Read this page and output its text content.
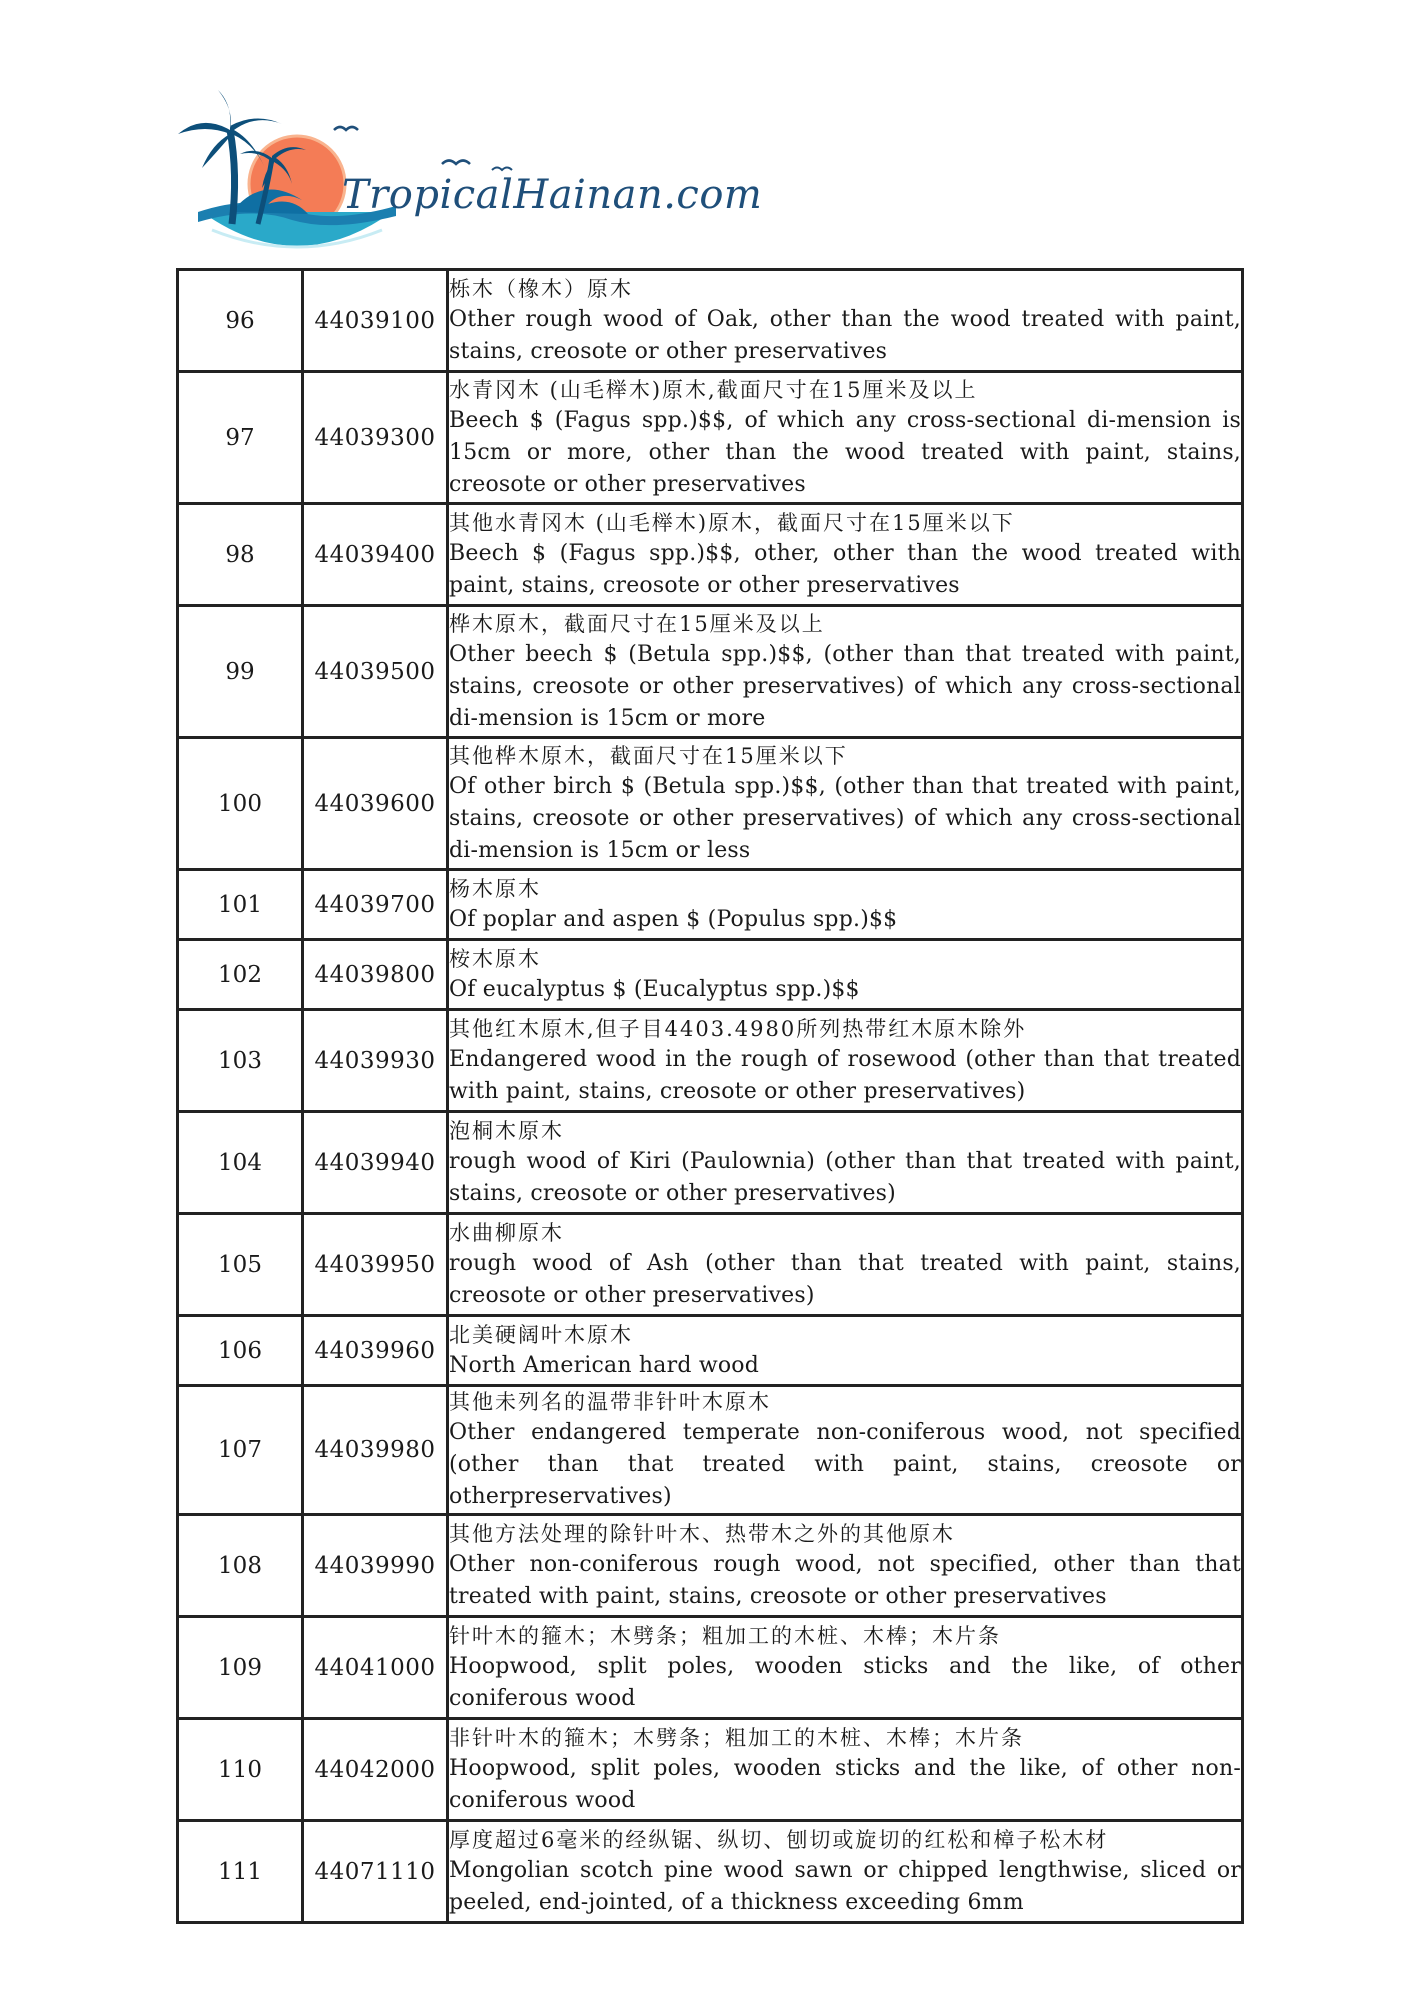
TropicalHainan.com
96	44039100	栎木（橡木）原木
Other rough wood of Oak, other than the wood treated with paint, stains, creosote or other preservatives

97	44039300	水青冈木 (山毛榉木)原木,截面尺寸在15厘米及以上
Beech $ (Fagus spp.)$$, of which any cross-sectional di-mension is 15cm or more, other than the wood treated with paint, stains, creosote or other preservatives

98	44039400	其他水青冈木 (山毛榉木)原木，截面尺寸在15厘米以下
Beech $ (Fagus spp.)$$, other, other than the wood treated with paint, stains, creosote or other preservatives

99	44039500	桦木原木，截面尺寸在15厘米及以上
Other beech $ (Betula spp.)$$, (other than that treated with paint, stains, creosote or other preservatives) of which any cross-sectional di-mension is 15cm or more

100	44039600	其他桦木原木，截面尺寸在15厘米以下
Of other birch $ (Betula spp.)$$, (other than that treated with paint, stains, creosote or other preservatives) of which any cross-sectional di-mension is 15cm or less

101	44039700	杨木原木
Of poplar and aspen $ (Populus spp.)$$

102	44039800	桉木原木
Of eucalyptus $ (Eucalyptus spp.)$$

103	44039930	其他红木原木,但子目4403.4980所列热带红木原木除外
Endangered wood in the rough of rosewood (other than that treated with paint, stains, creosote or other preservatives)

104	44039940	泡桐木原木
rough wood of Kiri (Paulownia) (other than that treated with paint, stains, creosote or other preservatives)

105	44039950	水曲柳原木
rough wood of Ash (other than that treated with paint, stains, creosote or other preservatives)

106	44039960	北美硬阔叶木原木
North American hard wood

107	44039980	其他未列名的温带非针叶木原木
Other endangered temperate non-coniferous wood, not specified (other than that treated with paint, stains, creosote or otherpreservatives)

108	44039990	其他方法处理的除针叶木、热带木之外的其他原木
Other non-coniferous rough wood, not specified, other than that treated with paint, stains, creosote or other preservatives

109	44041000	针叶木的箍木；木劈条；粗加工的木桩、木棒；木片条
Hoopwood, split poles, wooden sticks and the like, of other coniferous wood

110	44042000	非针叶木的箍木；木劈条；粗加工的木桩、木棒；木片条
Hoopwood, split poles, wooden sticks and the like, of other non-coniferous wood

111	44071110	厚度超过6毫米的经纵锯、纵切、刨切或旋切的红松和樟子松木材
Mongolian scotch pine wood sawn or chipped lengthwise, sliced or peeled, end-jointed, of a thickness exceeding 6mm
